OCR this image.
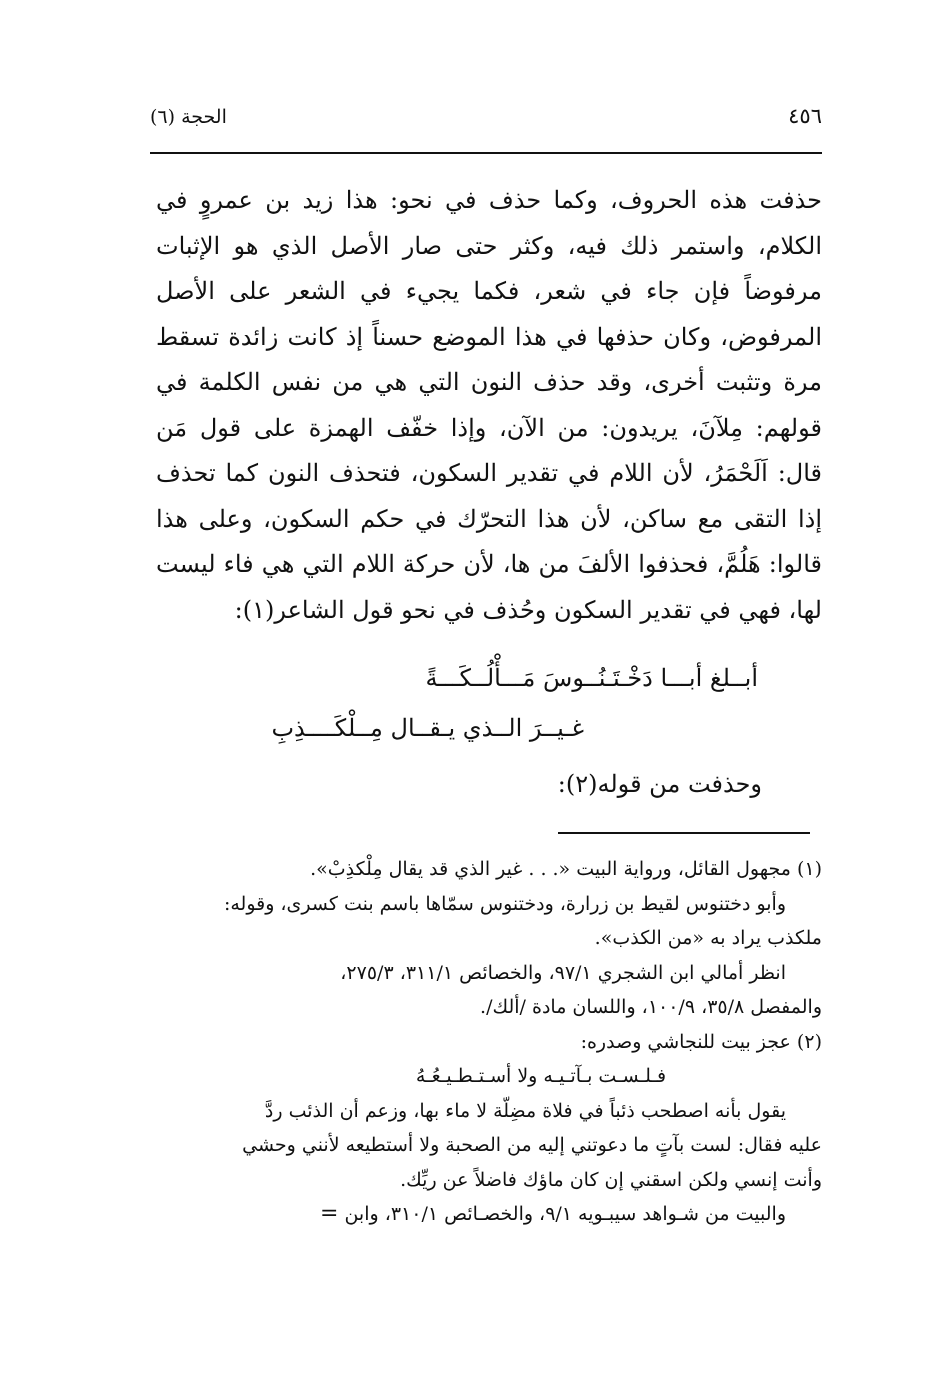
٤٥٦
الحجة (٦)

حذفت هذه الحروف، وكما حذف في نحو: هذا زيد بن عمروٍ في الكلام، واستمر ذلك فيه، وكثر حتى صار الأصل الذي هو الإثبات مرفوضاً فإن جاء في شعر، فكما يجيء في الشعر على الأصل المرفوض، وكان حذفها في هذا الموضع حسناً إذ كانت زائدة تسقط مرة وتثبت أخرى، وقد حذف النون التي هي من نفس الكلمة في قولهم: مِلآنَ، يريدون: من الآن، وإذا خفّف الهمزة على قول مَن قال: اَلَحْمَرُ، لأن اللام في تقدير السكون، فتحذف النون كما تحذف إذا التقى مع ساكن، لأن هذا التحرّك في حكم السكون، وعلى هذا قالوا: هَلُمَّ، فحذفوا الألفَ من ها، لأن حركة اللام التي هي فاء ليست لها، فهي في تقدير السكون وحُذف في نحو قول الشاعر(١):

أبــلغ أبـــا دَخْـتَـنُــوسَ مَـــأْلُــكَـــةً
غـيــرَ الــذي يـقــال مِــلْكَــــذِبِ
وحذفت من قوله(٢):

(١) مجهول القائل، ورواية البيت «. . . غير الذي قد يقال مِلْكذِبْ».

وأبو دختنوس لقيط بن زرارة، ودختنوس سمّاها باسم بنت كسرى، وقوله:

ملكذب يراد به «من الكذب».

انظر أمالي ابن الشجري ٩٧/١، والخصائص ٣١١/١، ٢٧٥/٣،

والمفصل ٣٥/٨، ١٠٠/٩، واللسان مادة /ألك/.

(٢) عجز بيت للنجاشي وصدره:

فـلـسـت بـآتـيـه ولا أسـتـطـيـعُـهُ

يقول بأنه اصطحب ذئباً في فلاة مضِلّة لا ماء بها، وزعم أن الذئب ردَّ

عليه فقال: لست بآتٍ ما دعوتني إليه من الصحبة ولا أستطيعه لأنني وحشي

وأنت إنسي ولكن اسقني إن كان ماؤك فاضلاً عن ريِّك.

والبيت من شـواهد سيبـويه ٩/١، والخصـائص ٣١٠/١، وابن =
